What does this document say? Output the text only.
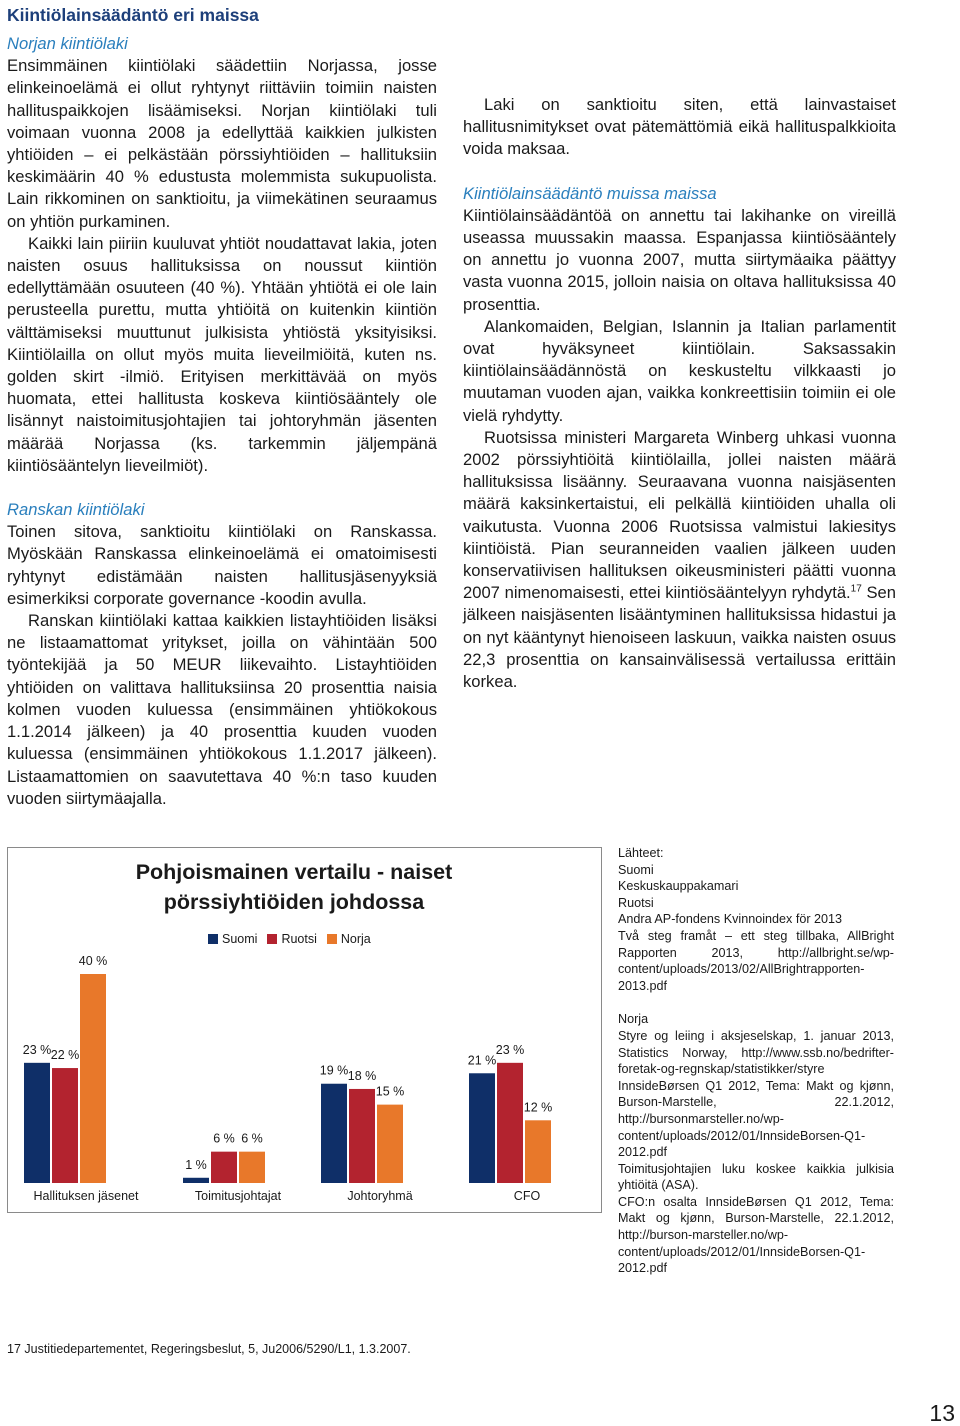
Kiintiölainsäädäntö eri maissa

Norjan kiintiölaki

Ensimmäinen kiintiölaki säädettiin Norjassa, josse elinkeinoelämä ei ollut ryhtynyt riittäviin toimiin naisten hallituspaikkojen lisäämiseksi. Norjan kiintiölaki tuli voimaan vuonna 2008 ja edellyttää kaikkien julkisten yhtiöiden – ei pelkästään pörssiyhtiöiden – hallituksiin keskimäärin 40 % edustusta molemmista sukupuolista. Lain rikkominen on sanktioitu, ja viimekätinen seuraamus on yhtiön purkaminen.

Kaikki lain piiriin kuuluvat yhtiöt noudattavat lakia, joten naisten osuus hallituksissa on noussut kiintiön edellyttämään osuuteen (40 %). Yhtään yhtiötä ei ole lain perusteella purettu, mutta yhtiöitä on kuitenkin kiintiön välttämiseksi muuttunut julkisista yhtiöstä yksityisiksi. Kiintiölailla on ollut myös muita lieveilmiöitä, kuten ns. golden skirt -ilmiö. Erityisen merkittävää on myös huomata, ettei hallitusta koskeva kiintiösääntely ole lisännyt naistoimitusjohtajien tai johtoryhmän jäsenten määrää Norjassa (ks. tarkemmin jäljempänä kiintiösääntelyn lieveilmiöt).

Ranskan kiintiölaki

Toinen sitova, sanktioitu kiintiölaki on Ranskassa. Myöskään Ranskassa elinkeinoelämä ei omatoimisesti ryhtynyt edistämään naisten hallitusjäsenyyksiä esimerkiksi corporate governance -koodin avulla.

Ranskan kiintiölaki kattaa kaikkien listayhtiöiden lisäksi ne listaamattomat yritykset, joilla on vähintään 500 työntekijää ja 50 MEUR liikevaihto. Listayhtiöiden yhtiöiden on valittava hallituksiinsa 20 prosenttia naisia kolmen vuoden kuluessa (ensimmäinen yhtiökokous 1.1.2014 jälkeen) ja 40 prosenttia kuuden vuoden kuluessa (ensimmäinen yhtiökokous 1.1.2017 jälkeen). Listaamattomien on saavutettava 40 %:n taso kuuden vuoden siirtymäajalla.

Laki on sanktioitu siten, että lainvastaiset hallitusnimitykset ovat pätemättömiä eikä hallituspalkkioita voida maksaa.

Kiintiölainsäädäntö muissa maissa

Kiintiölainsäädäntöä on annettu tai lakihanke on vireillä useassa muussakin maassa. Espanjassa kiintiösääntely on annettu jo vuonna 2007, mutta siirtymäaika päättyy vasta vuonna 2015, jolloin naisia on oltava hallituksissa 40 prosenttia.

Alankomaiden, Belgian, Islannin ja Italian parlamentit ovat hyväksyneet kiintiölain. Saksassakin kiintiölainsäädännöstä on keskusteltu vilkkaasti jo muutaman vuoden ajan, vaikka konkreettisiin toimiin ei ole vielä ryhdytty.

Ruotsissa ministeri Margareta Winberg uhkasi vuonna 2002 pörssiyhtiöitä kiintiölailla, jollei naisten määrä hallituksissa lisäänny. Seuraavana vuonna naisjäsenten määrä kaksinkertaistui, eli pelkällä kiintiöiden uhalla oli vaikutusta. Vuonna 2006 Ruotsissa valmistui lakiesitys kiintiöistä. Pian seuranneiden vaalien jälkeen uuden konservatiivisen hallituksen oikeusministeri päätti vuonna 2007 nimenomaisesti, ettei kiintiösääntelyyn ryhdytä.$^{17}$ Sen jälkeen naisjäsenten lisääntyminen hallituksissa hidastui ja on nyt kääntynyt hienoiseen laskuun, vaikka naisten osuus 22,3 prosenttia on kansainvälisessä vertailussa erittäin korkea.

23 % 22 %
40 %
1 %
6 % 6 %
19 % 18 %
15 %
21 %
23 %
12 %
Hallituksen jäsenet	Toimitusjohtajat	Johtoryhmä	CFO
Pohjoismainen vertailu - naiset pörssiyhtiöiden johdossa
Suomi Ruotsi Norja

Lähteet:

Suomi

Keskuskauppakamari

Ruotsi

Andra AP-fondens Kvinnoindex för 2013

Två steg framåt – ett steg tillbaka, AllBright Rapporten 2013, http://allbright.se/wp-content/uploads/2013/02/AllBrightrapporten-2013.pdf

Norja

Styre og leiing i aksjeselskap, 1. januar 2013, Statistics Norway, http://www.ssb.no/bedrifter-foretak-og-regnskap/statistikker/styre

InnsideBørsen Q1 2012, Tema: Makt og kjønn, Burson-Marstelle, 22.1.2012, http://bursonmarsteller.no/wp-content/uploads/2012/01/InnsideBorsen-Q1-2012.pdf

Toimitusjohtajien luku koskee kaikkia julkisia yhtiöitä (ASA).

CFO:n osalta InnsideBørsen Q1 2012, Tema: Makt og kjønn, Burson-Marstelle, 22.1.2012, http://burson-marsteller.no/wp-content/uploads/2012/01/InnsideBorsen-Q1-2012.pdf

17 Justitiedepartementet, Regeringsbeslut, 5, Ju2006/5290/L1, 1.3.2007.
13
